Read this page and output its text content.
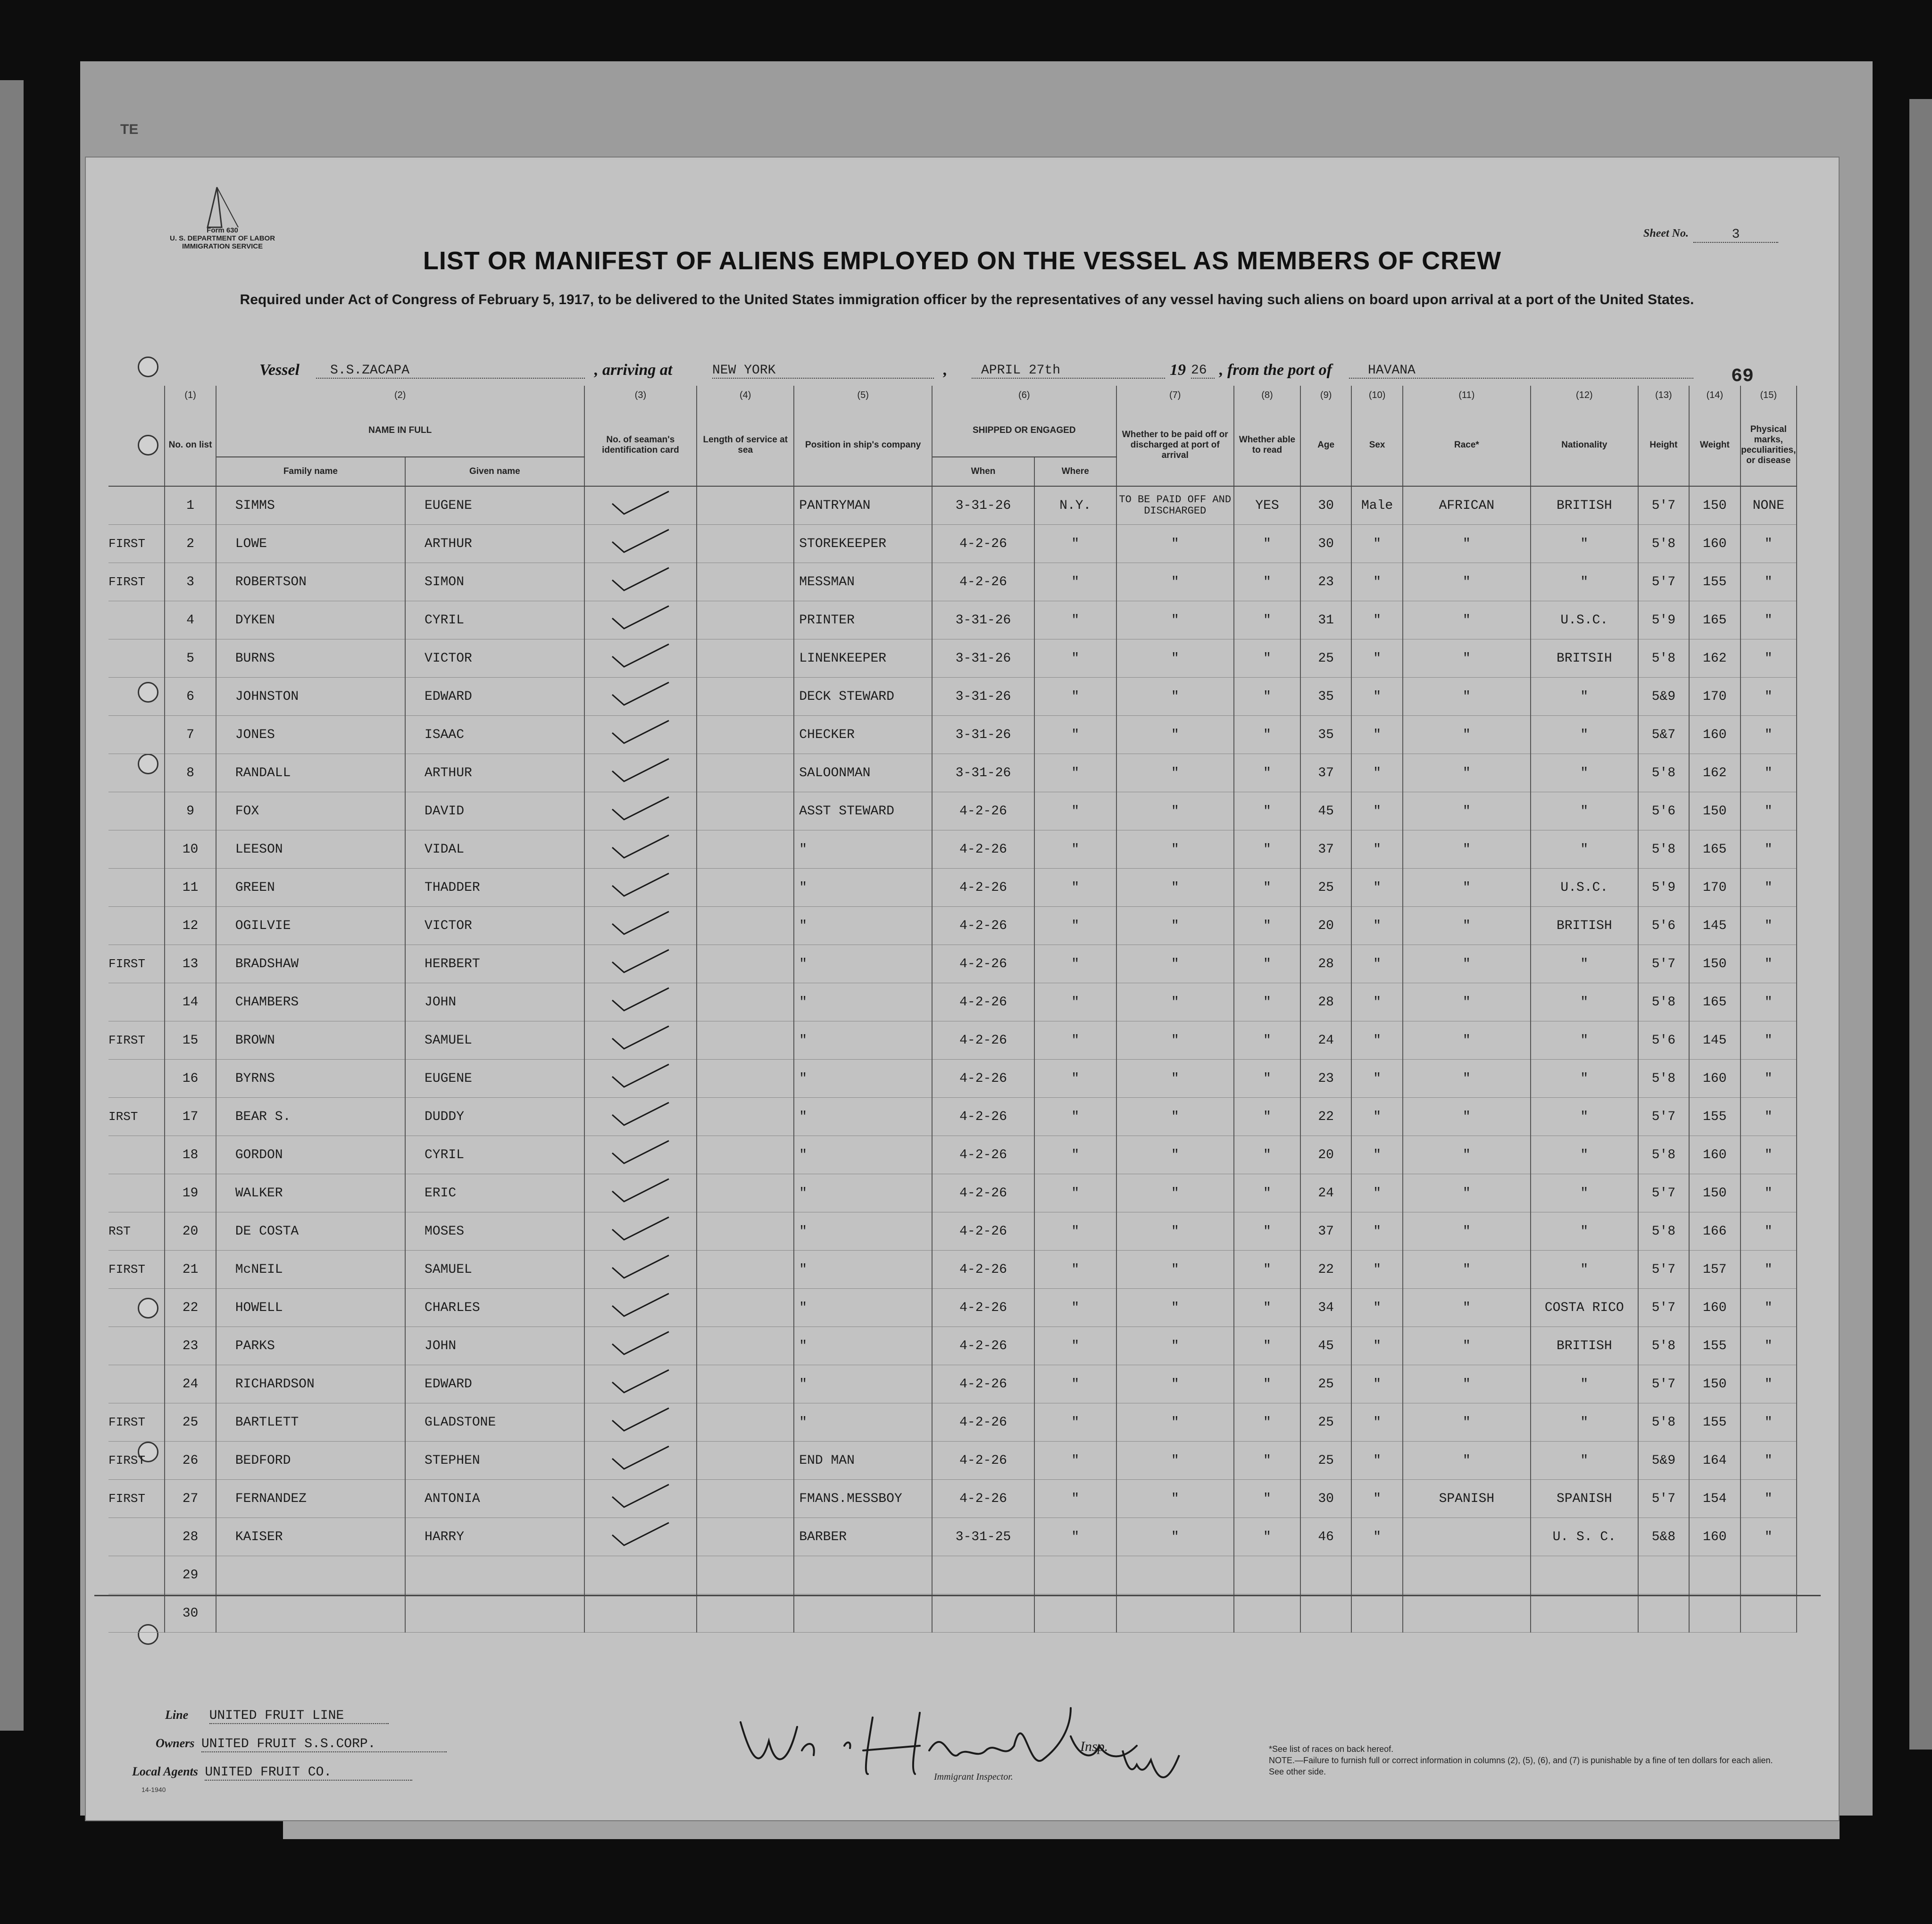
TE
Form 630
U. S. DEPARTMENT OF LABOR
IMMIGRATION SERVICE
Sheet No.	3
LIST OR MANIFEST OF ALIENS EMPLOYED ON THE VESSEL AS MEMBERS OF CREW
Required under Act of Congress of February 5, 1917, to be delivered to the United States immigration officer by the representatives of any vessel having such aliens on board upon arrival at a port of the United States.
Vessel	S.S.ZACAPA	, arriving at	NEW YORK	,	APRIL 27th	19 26 , from the port of	HAVANA	69
	(1)	(2)		(3)	(4)	(5)	(6)		(7)	(8)	(9)	(10)	(11)	(12)	(13)	(14)	(15)
	No. on list	NAME IN FULL		No. of seaman's identification card	Length of service at sea	Position in ship's company	SHIPPED OR ENGAGED		Whether to be paid off or discharged at port of arrival	Whether able to read	Age	Sex	Race*	Nationality	Height	Weight	Physical marks, peculiarities, or disease
		Family name	Given name				When	Where									
	1	SIMMS	EUGENE			PANTRYMAN	3-31-26	N.Y.	TO BE PAID OFF AND DISCHARGED	YES	30	Male	AFRICAN	BRITISH	5'7	150	NONE
FIRST	2	LOWE	ARTHUR			STOREKEEPER	4-2-26	"	"	"	30	"	"	"	5'8	160	"
FIRST	3	ROBERTSON	SIMON			MESSMAN	4-2-26	"	"	"	23	"	"	"	5'7	155	"
	4	DYKEN	CYRIL			PRINTER	3-31-26	"	"	"	31	"	"	U.S.C.	5'9	165	"
	5	BURNS	VICTOR			LINENKEEPER	3-31-26	"	"	"	25	"	"	BRITSIH	5'8	162	"
	6	JOHNSTON	EDWARD			DECK STEWARD	3-31-26	"	"	"	35	"	"	"	5&9	170	"
	7	JONES	ISAAC			CHECKER	3-31-26	"	"	"	35	"	"	"	5&7	160	"
	8	RANDALL	ARTHUR			SALOONMAN	3-31-26	"	"	"	37	"	"	"	5'8	162	"
	9	FOX	DAVID			ASST STEWARD	4-2-26	"	"	"	45	"	"	"	5'6	150	"
	10	LEESON	VIDAL			"	4-2-26	"	"	"	37	"	"	"	5'8	165	"
	11	GREEN	THADDER			"	4-2-26	"	"	"	25	"	"	U.S.C.	5'9	170	"
	12	OGILVIE	VICTOR			"	4-2-26	"	"	"	20	"	"	BRITISH	5'6	145	"
FIRST	13	BRADSHAW	HERBERT			"	4-2-26	"	"	"	28	"	"	"	5'7	150	"
	14	CHAMBERS	JOHN			"	4-2-26	"	"	"	28	"	"	"	5'8	165	"
FIRST	15	BROWN	SAMUEL			"	4-2-26	"	"	"	24	"	"	"	5'6	145	"
	16	BYRNS	EUGENE			"	4-2-26	"	"	"	23	"	"	"	5'8	160	"
IRST	17	BEAR S.	DUDDY			"	4-2-26	"	"	"	22	"	"	"	5'7	155	"
	18	GORDON	CYRIL			"	4-2-26	"	"	"	20	"	"	"	5'8	160	"
	19	WALKER	ERIC			"	4-2-26	"	"	"	24	"	"	"	5'7	150	"
RST	20	DE COSTA	MOSES			"	4-2-26	"	"	"	37	"	"	"	5'8	166	"
FIRST	21	McNEIL	SAMUEL			"	4-2-26	"	"	"	22	"	"	"	5'7	157	"
	22	HOWELL	CHARLES			"	4-2-26	"	"	"	34	"	"	COSTA RICO	5'7	160	"
	23	PARKS	JOHN			"	4-2-26	"	"	"	45	"	"	BRITISH	5'8	155	"
	24	RICHARDSON	EDWARD			"	4-2-26	"	"	"	25	"	"	"	5'7	150	"
FIRST	25	BARTLETT	GLADSTONE			"	4-2-26	"	"	"	25	"	"	"	5'8	155	"
FIRST	26	BEDFORD	STEPHEN			END MAN	4-2-26	"	"	"	25	"	"	"	5&9	164	"
FIRST	27	FERNANDEZ	ANTONIA			FMANS.MESSBOY	4-2-26	"	"	"	30	"	SPANISH	SPANISH	5'7	154	"
	28	KAISER	HARRY			BARBER	3-31-25	"	"	"	46	"		U. S. C.	5&8	160	"
	29																
	30																
Line UNITED FRUIT LINE
Owners UNITED FRUIT S.S.CORP.
Local Agents UNITED FRUIT CO.
14-1940
Insp.
Immigrant Inspector.
*See list of races on back hereof.
NOTE.—Failure to furnish full or correct information in columns (2), (5), (6), and (7) is punishable by a fine of ten dollars for each alien. See other side.
